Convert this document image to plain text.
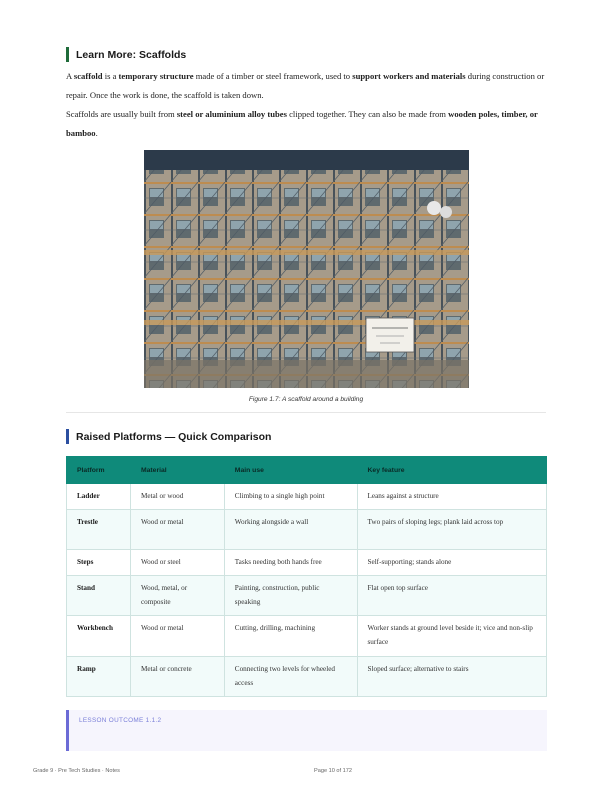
Learn More: Scaffolds
A scaffold is a temporary structure made of a timber or steel framework, used to support workers and materials during construction or repair. Once the work is done, the scaffold is taken down.
Scaffolds are usually built from steel or aluminium alloy tubes clipped together. They can also be made from wooden poles, timber, or bamboo.
Figure 1.7: A scaffold around a building
Raised Platforms — Quick Comparison
Platform	Material	Main use	Key feature
Ladder	Metal or wood	Climbing to a single high point	Leans against a structure
Trestle	Wood or metal	Working alongside a wall	Two pairs of sloping legs; plank laid across top
Steps	Wood or steel	Tasks needing both hands free	Self-supporting; stands alone
Stand	Wood, metal, or composite	Painting, construction, public speaking	Flat open top surface
Workbench	Wood or metal	Cutting, drilling, machining	Worker stands at ground level beside it; vice and non-slip surface
Ramp	Metal or concrete	Connecting two levels for wheeled access	Sloped surface; alternative to stairs
LESSON OUTCOME 1.1.2
Grade 9 · Pre Tech Studies · Notes	Page 10 of 172
